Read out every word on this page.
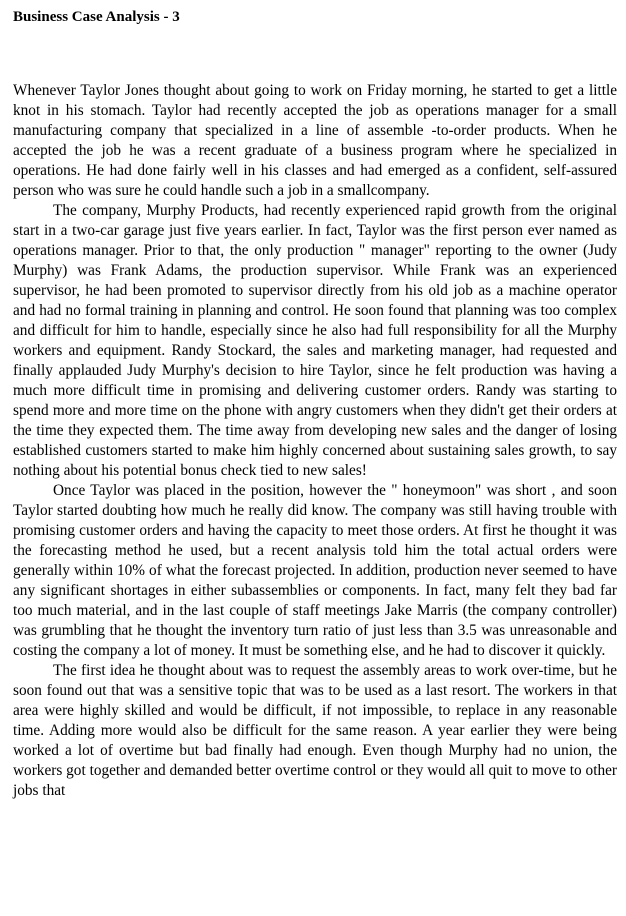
Business Case Analysis - 3

Whenever Taylor Jones thought about going to work on Friday morning, he started to get a little knot in his stomach. Taylor had recently accepted the job as operations manager for a small manufacturing company that specialized in a line of assemble -to-order products. When he accepted the job he was a recent graduate of a business program where he specialized in operations. He had done fairly well in his classes and had emerged as a confident, self-assured person who was sure he could handle such a job in a smallcompany.

The company, Murphy Products, had recently experienced rapid growth from the original start in a two-car garage just five years earlier. In fact, Taylor was the first person ever named as operations manager. Prior to that, the only production " manager" reporting to the owner (Judy Murphy) was Frank Adams, the production supervisor. While Frank was an experienced supervisor, he had been promoted to supervisor directly from his old job as a machine operator and had no formal training in planning and control. He soon found that planning was too complex and difficult for him to handle, especially since he also had full responsibility for all the Murphy workers and equipment. Randy Stockard, the sales and marketing manager, had requested and finally applauded Judy Murphy's decision to hire Taylor, since he felt production was having a much more difficult time in promising and delivering customer orders. Randy was starting to spend more and more time on the phone with angry customers when they didn't get their orders at the time they expected them. The time away from developing new sales and the danger of losing established customers started to make him highly concerned about sustaining sales growth, to say nothing about his potential bonus check tied to new sales!

Once Taylor was placed in the position, however the " honeymoon" was short , and soon Taylor started doubting how much he really did know. The company was still having trouble with promising customer orders and having the capacity to meet those orders. At first he thought it was the forecasting method he used, but a recent analysis told him the total actual orders were generally within 10% of what the forecast projected. In addition, production never seemed to have any significant shortages in either subassemblies or components. In fact, many felt they bad far too much material, and in the last couple of staff meetings Jake Marris (the company controller) was grumbling that he thought the inventory turn ratio of just less than 3.5 was unreasonable and costing the company a lot of money. It must be something else, and he had to discover it quickly.

The first idea he thought about was to request the assembly areas to work over-time, but he soon found out that was a sensitive topic that was to be used as a last resort. The workers in that area were highly skilled and would be difficult, if not impossible, to replace in any reasonable time. Adding more would also be difficult for the same reason. A year earlier they were being worked a lot of overtime but bad finally had enough. Even though Murphy had no union, the workers got together and demanded better overtime control or they would all quit to move to other jobs that
